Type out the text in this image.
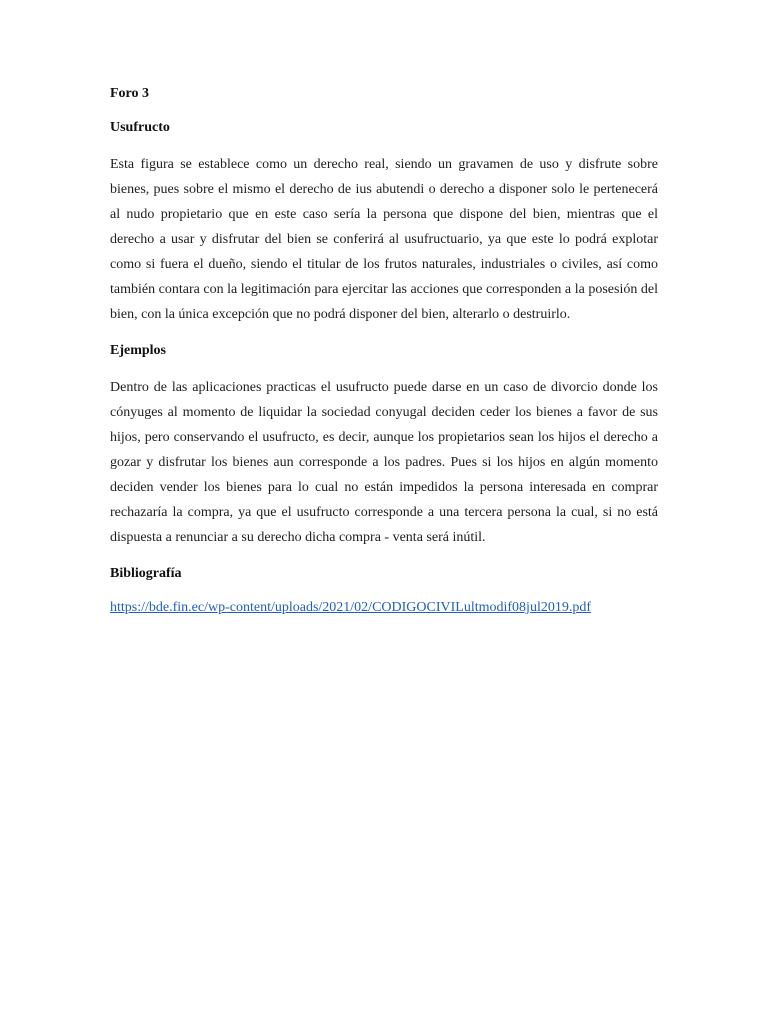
Foro 3
Usufructo

Esta figura se establece como un derecho real, siendo un gravamen de uso y disfrute sobre bienes, pues sobre el mismo el derecho de ius abutendi o derecho a disponer solo le pertenecerá al nudo propietario que en este caso sería la persona que dispone del bien, mientras que el derecho a usar y disfrutar del bien se conferirá al usufructuario, ya que este lo podrá explotar como si fuera el dueño, siendo el titular de los frutos naturales, industriales o civiles, así como también contara con la legitimación para ejercitar las acciones que corresponden a la posesión del bien, con la única excepción que no podrá disponer del bien, alterarlo o destruirlo.

Ejemplos

Dentro de las aplicaciones practicas el usufructo puede darse en un caso de divorcio donde los cónyuges al momento de liquidar la sociedad conyugal deciden ceder los bienes a favor de sus hijos, pero conservando el usufructo, es decir, aunque los propietarios sean los hijos el derecho a gozar y disfrutar los bienes aun corresponde a los padres. Pues si los hijos en algún momento deciden vender los bienes para lo cual no están impedidos la persona interesada en comprar rechazaría la compra, ya que el usufructo corresponde a una tercera persona la cual, si no está dispuesta a renunciar a su derecho dicha compra - venta será inútil.

Bibliografía
https://bde.fin.ec/wp-content/uploads/2021/02/CODIGOCIVILultmodif08jul2019.pdf
